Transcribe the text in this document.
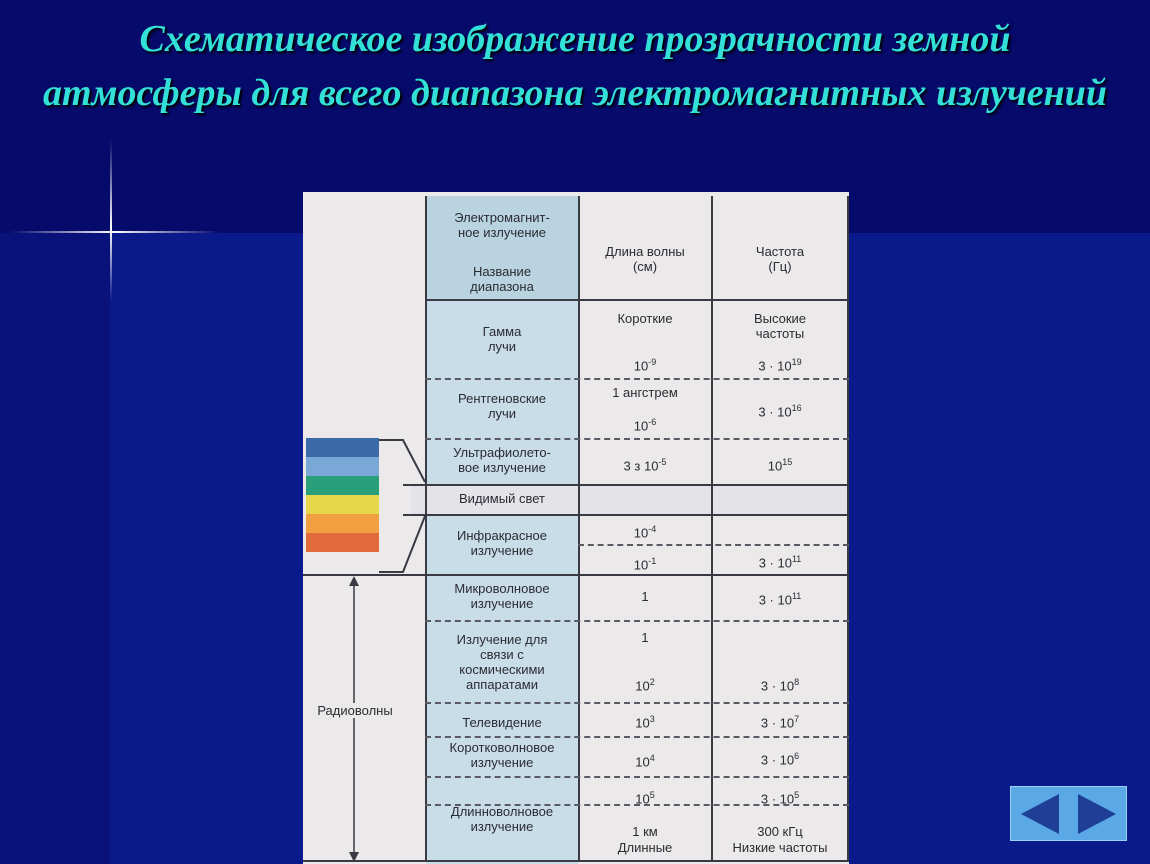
Схематическое изображение прозрачности земной атмосферы для всего диапазона электромагнитных излучений
Радиоволны
Электромагнит-
ное излучение
Название
диапазона
Длина волны
(см)
Частота
(Гц)
Гамма
лучи
Рентгеновские
лучи
Ультрафиолето-
вое излучение
Видимый свет
Инфракрасное
излучение
Микроволновое
излучение
Излучение для
связи с
космическими
аппаратами
Телевидение
Коротковолновое
излучение
Длинноволновое
излучение
Короткие
$10^{-9}$
1 ангстрем
$10^{-6}$
3 з $10^{-5}$
$10^{-4}$
$10^{-1}$
1
1
$10^2$
$10^3$
$10^4$
$10^5$
1 км
Длинные
Высокие
частоты
$3 \cdot 10^{19}$
$3 \cdot 10^{16}$
$10^{15}$
$3 \cdot 10^{11}$
$3 \cdot 10^{11}$
$3 \cdot 10^8$
$3 \cdot 10^7$
$3 \cdot 10^6$
$3 \cdot 10^5$
300 кГц
Низкие частоты
